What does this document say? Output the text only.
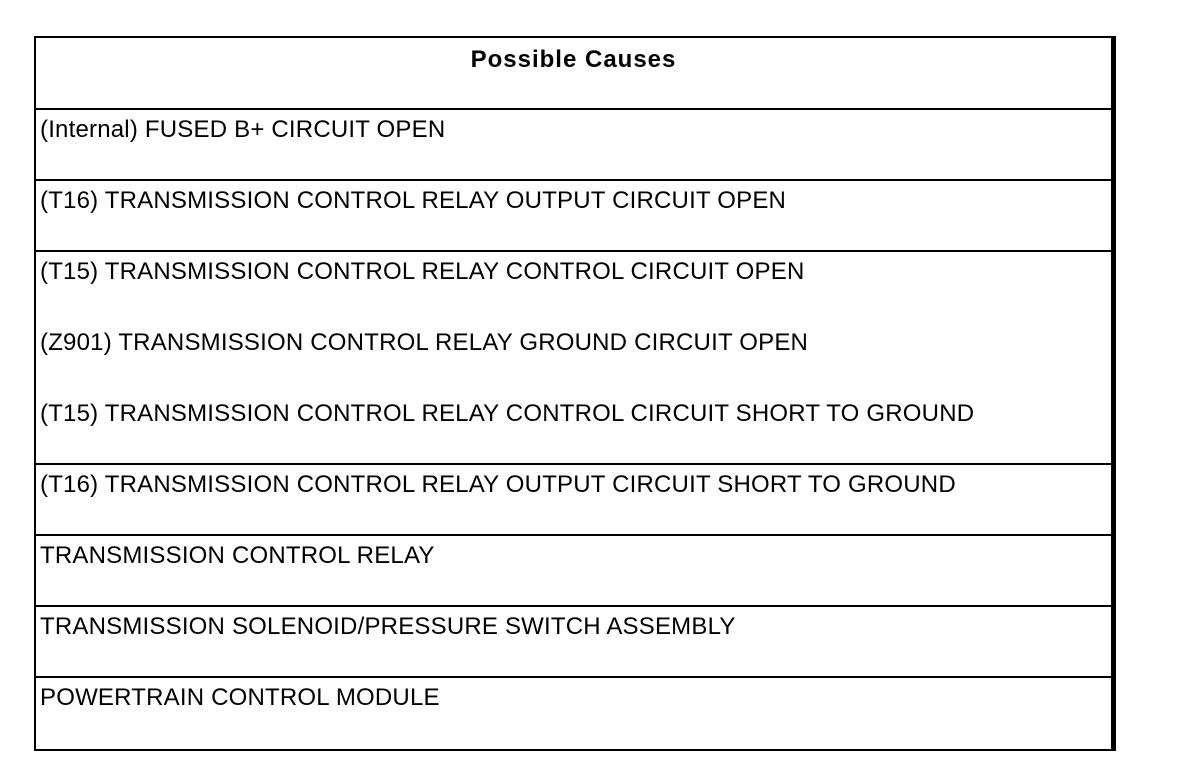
Possible Causes
(Internal) FUSED B+ CIRCUIT OPEN
(T16) TRANSMISSION CONTROL RELAY OUTPUT CIRCUIT OPEN
(T15) TRANSMISSION CONTROL RELAY CONTROL CIRCUIT OPEN
(Z901) TRANSMISSION CONTROL RELAY GROUND CIRCUIT OPEN
(T15) TRANSMISSION CONTROL RELAY CONTROL CIRCUIT SHORT TO GROUND
(T16) TRANSMISSION CONTROL RELAY OUTPUT CIRCUIT SHORT TO GROUND
TRANSMISSION CONTROL RELAY
TRANSMISSION SOLENOID/PRESSURE SWITCH ASSEMBLY
POWERTRAIN CONTROL MODULE
